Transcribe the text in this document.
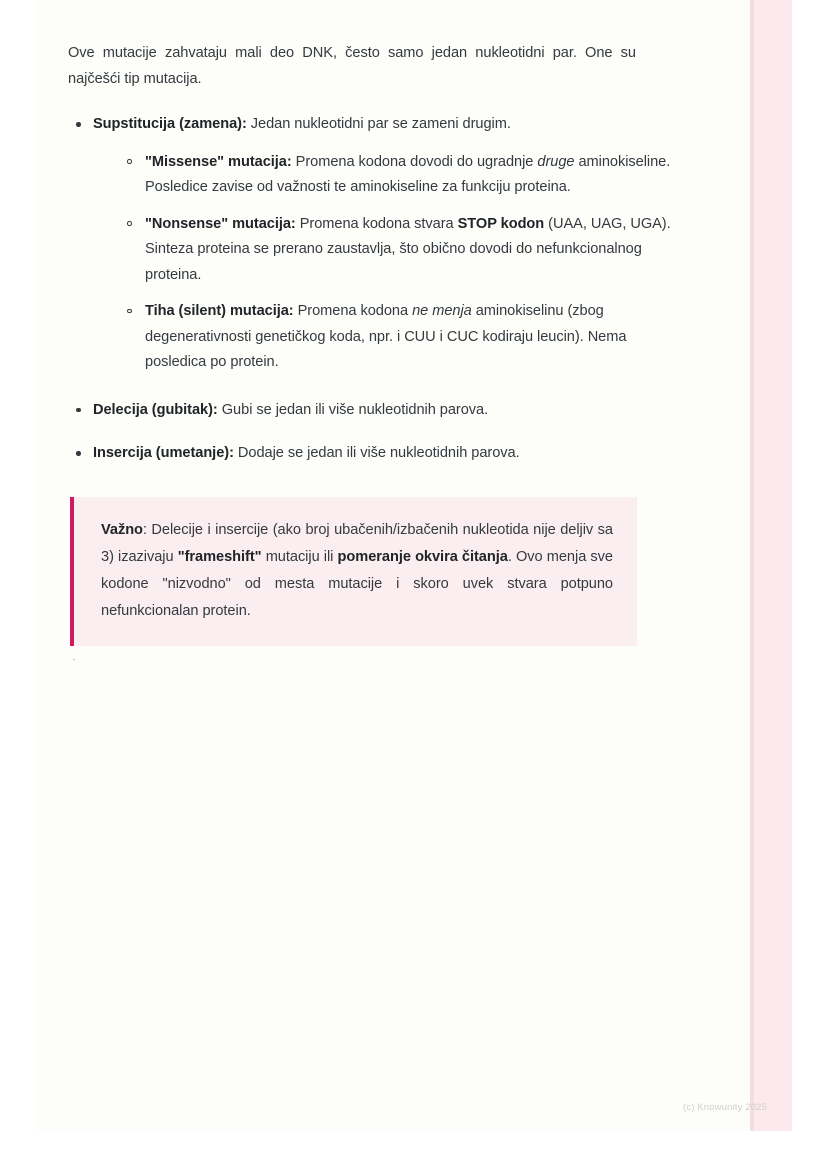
Ove mutacije zahvataju mali deo DNK, često samo jedan nukleotidni par. One su najčešći tip mutacija.

Supstitucija (zamena): Jedan nukleotidni par se zameni drugim.
"Missense" mutacija: Promena kodona dovodi do ugradnje druge aminokiseline. Posledice zavise od važnosti te aminokiseline za funkciju proteina.
"Nonsense" mutacija: Promena kodona stvara STOP kodon (UAA, UAG, UGA). Sinteza proteina se prerano zaustavlja, što obično dovodi do nefunkcionalnog proteina.
Tiha (silent) mutacija: Promena kodona ne menja aminokiselinu (zbog degenerativnosti genetičkog koda, npr. i CUU i CUC kodiraju leucin). Nema posledica po protein.
Delecija (gubitak): Gubi se jedan ili više nukleotidnih parova.
Insercija (umetanje): Dodaje se jedan ili više nukleotidnih parova.

Važno: Delecije i insercije (ako broj ubačenih/izbačenih nukleotida nije deljiv sa 3) izazivaju "frameshift" mutaciju ili pomeranje okvira čitanja. Ovo menja sve kodone "nizvodno" od mesta mutacije i skoro uvek stvara potpuno nefunkcionalan protein.

`
(c) Knowunity 2025
